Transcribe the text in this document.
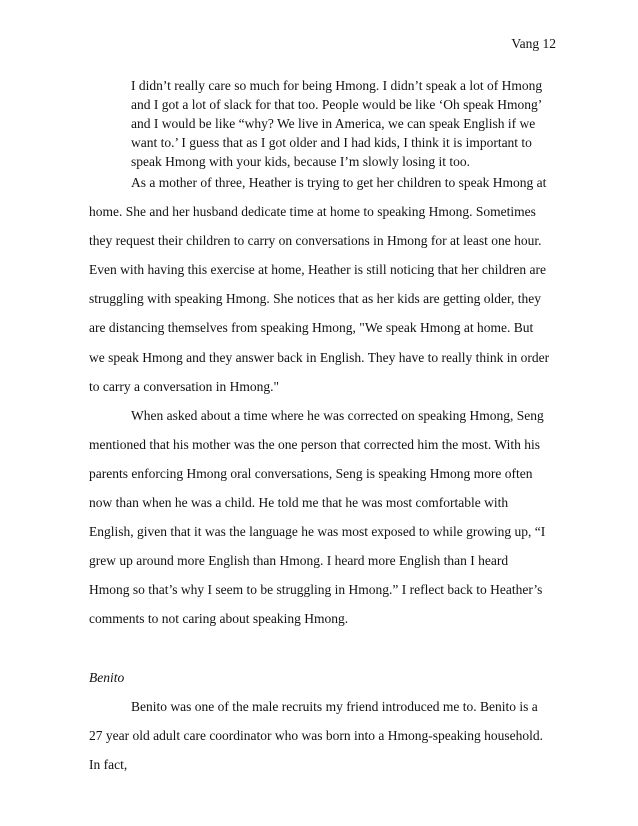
Vang 12

I didn’t really care so much for being Hmong. I didn’t speak a lot of Hmong and I got a lot of slack for that too. People would be like ‘Oh speak Hmong’ and I would be like “why? We live in America, we can speak English if we want to.’ I guess that as I got older and I had kids, I think it is important to speak Hmong with your kids, because I’m slowly losing it too.

As a mother of three, Heather is trying to get her children to speak Hmong at home. She and her husband dedicate time at home to speaking Hmong. Sometimes they request their children to carry on conversations in Hmong for at least one hour. Even with having this exercise at home, Heather is still noticing that her children are struggling with speaking Hmong. She notices that as her kids are getting older, they are distancing themselves from speaking Hmong, "We speak Hmong at home. But we speak Hmong and they answer back in English. They have to really think in order to carry a conversation in Hmong."

When asked about a time where he was corrected on speaking Hmong, Seng mentioned that his mother was the one person that corrected him the most. With his parents enforcing Hmong oral conversations, Seng is speaking Hmong more often now than when he was a child. He told me that he was most comfortable with English, given that it was the language he was most exposed to while growing up, “I grew up around more English than Hmong. I heard more English than I heard Hmong so that’s why I seem to be struggling in Hmong.” I reflect back to Heather’s comments to not caring about speaking Hmong.

Benito

Benito was one of the male recruits my friend introduced me to. Benito is a 27 year old adult care coordinator who was born into a Hmong-speaking household. In fact,
